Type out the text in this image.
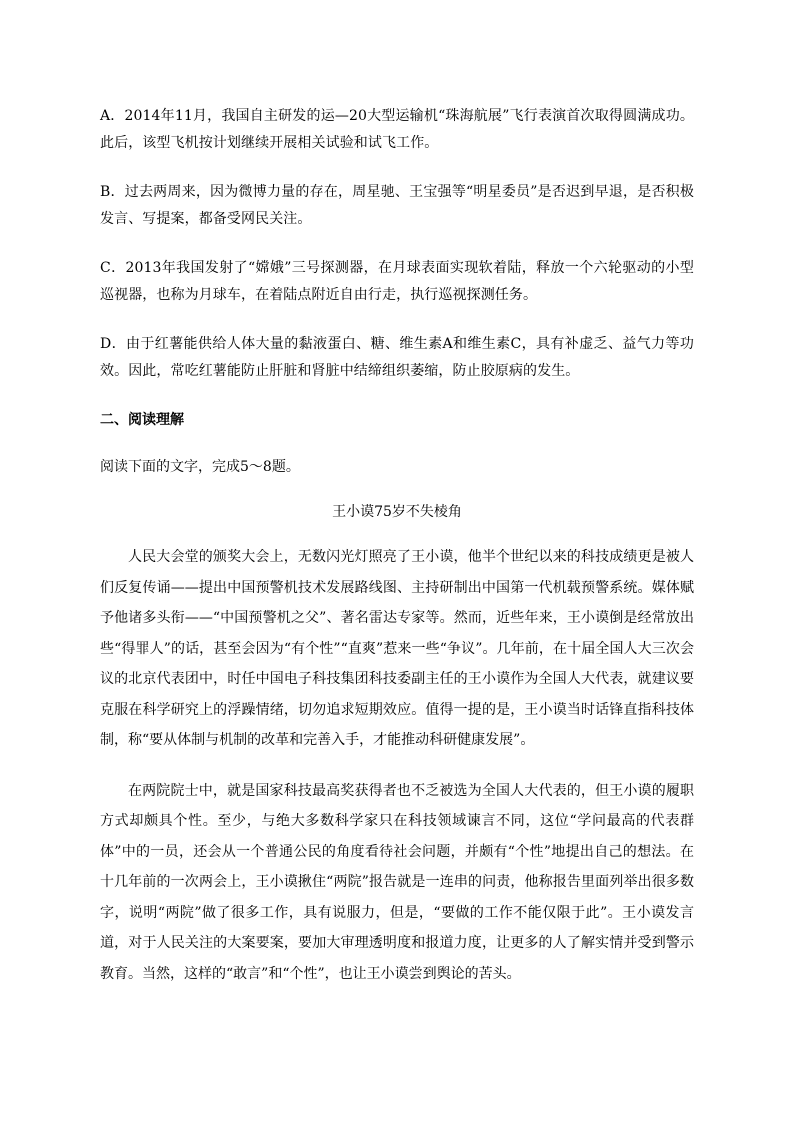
A．2014年11月，我国自主研发的运—20大型运输机“珠海航展”飞行表演首次取得圆满成功。此后，该型飞机按计划继续开展相关试验和试飞工作。

B．过去两周来，因为微博力量的存在，周星驰、王宝强等“明星委员”是否迟到早退，是否积极发言、写提案，都备受网民关注。

C．2013年我国发射了“嫦娥”三号探测器，在月球表面实现软着陆，释放一个六轮驱动的小型巡视器，也称为月球车，在着陆点附近自由行走，执行巡视探测任务。

D．由于红薯能供给人体大量的黏液蛋白、糖、维生素A和维生素C，具有补虚乏、益气力等功效。因此，常吃红薯能防止肝脏和肾脏中结缔组织萎缩，防止胶原病的发生。

二、阅读理解
阅读下面的文字，完成5～8题。
王小谟75岁不失棱角

人民大会堂的颁奖大会上，无数闪光灯照亮了王小谟，他半个世纪以来的科技成绩更是被人们反复传诵——提出中国预警机技术发展路线图、主持研制出中国第一代机载预警系统。媒体赋予他诸多头衔——“中国预警机之父”、著名雷达专家等。然而，近些年来，王小谟倒是经常放出些“得罪人”的话，甚至会因为“有个性”“直爽”惹来一些“争议”。几年前，在十届全国人大三次会议的北京代表团中，时任中国电子科技集团科技委副主任的王小谟作为全国人大代表，就建议要克服在科学研究上的浮躁情绪，切勿追求短期效应。值得一提的是，王小谟当时话锋直指科技体制，称“要从体制与机制的改革和完善入手，才能推动科研健康发展”。

在两院院士中，就是国家科技最高奖获得者也不乏被选为全国人大代表的，但王小谟的履职方式却颇具个性。至少，与绝大多数科学家只在科技领域谏言不同，这位“学问最高的代表群体”中的一员，还会从一个普通公民的角度看待社会问题，并颇有“个性”地提出自己的想法。在十几年前的一次两会上，王小谟揪住“两院”报告就是一连串的问责，他称报告里面列举出很多数字，说明“两院”做了很多工作，具有说服力，但是，“要做的工作不能仅限于此”。王小谟发言道，对于人民关注的大案要案，要加大审理透明度和报道力度，让更多的人了解实情并受到警示教育。当然，这样的“敢言”和“个性”，也让王小谟尝到舆论的苦头。
